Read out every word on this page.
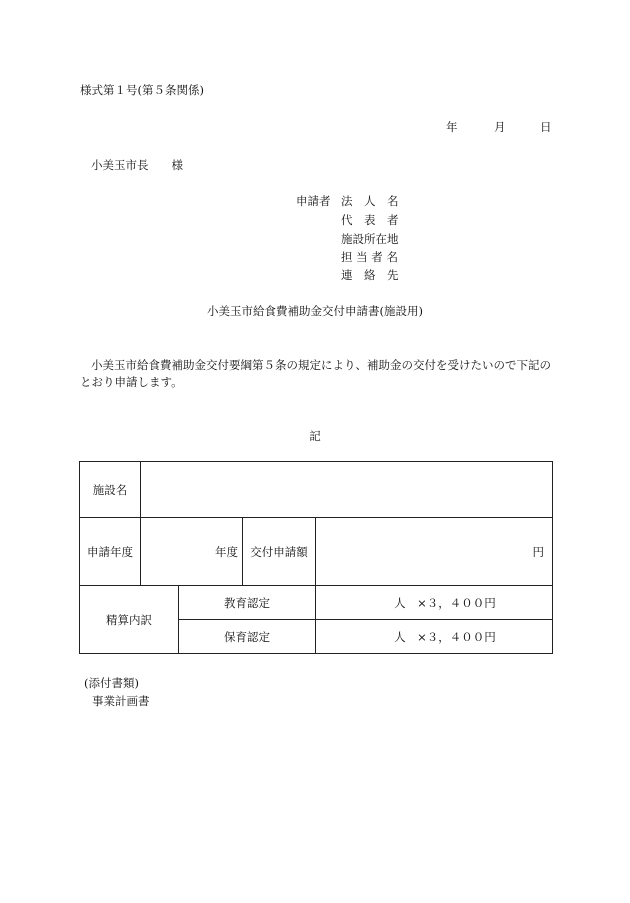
様式第１号(第５条関係)
年	月	日
小美玉市長　　様
申請者 法　人　名
代　表　者
施設所在地
担 当 者 名
連　絡　先
小美玉市給食費補助金交付申請書(施設用)
小美玉市給食費補助金交付要綱第５条の規定により、補助金の交付を受けたいので下記のとおり申請します。
記
施設名				
申請年度	年度		交付申請額	円
精算内訳		教育認定		人　×３，４００円
		保育認定		人　×３，４００円
(添付書類)
事業計画書
